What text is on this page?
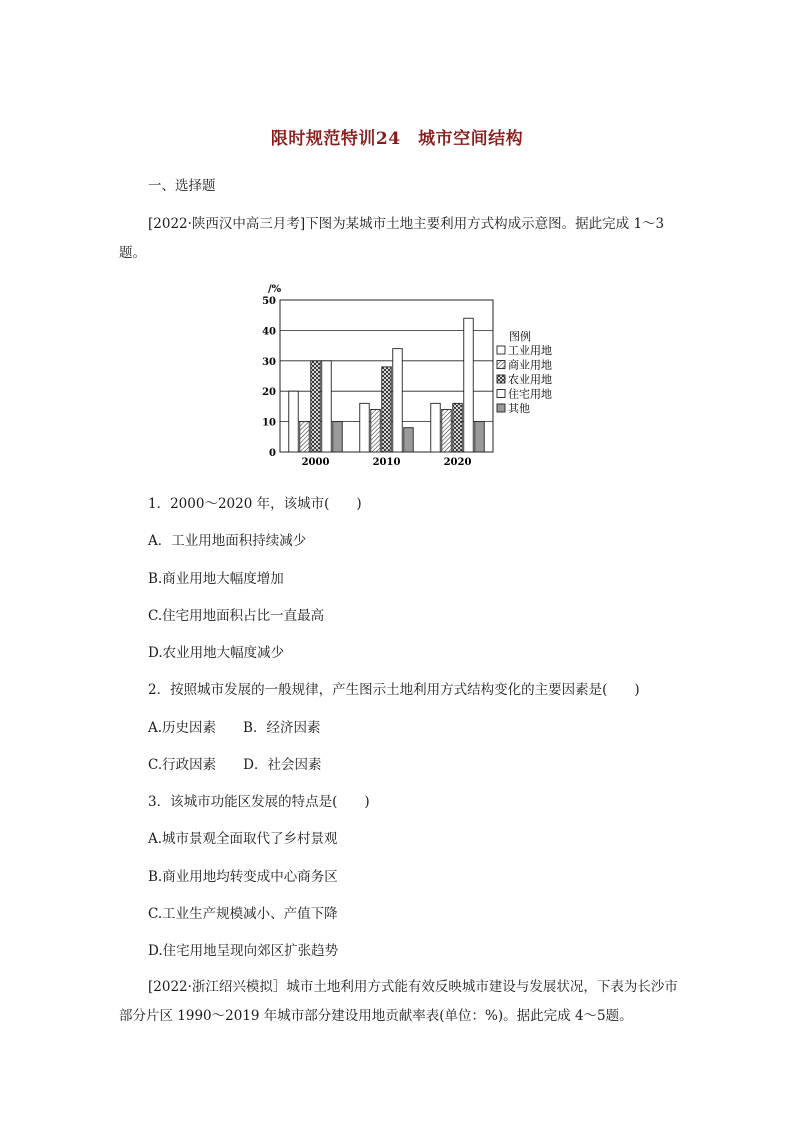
限时规范特训24　城市空间结构
一、选择题
[2022·陕西汉中高三月考]下图为某城市土地主要利用方式构成示意图。据此完成 1～3题。
0
10
20
30
40
50
/%
2000	2010	2020
图例
工业用地
商业用地
农业用地
住宅用地
其他
1．2000～2020 年，该城市(　　)
A．工业用地面积持续减少
B.商业用地大幅度增加
C.住宅用地面积占比一直最高
D.农业用地大幅度减少
2．按照城市发展的一般规律，产生图示土地利用方式结构变化的主要因素是(　　)
A.历史因素　　B．经济因素
C.行政因素　　D．社会因素
3．该城市功能区发展的特点是(　　)
A.城市景观全面取代了乡村景观
B.商业用地均转变成中心商务区
C.工业生产规模减小、产值下降
D.住宅用地呈现向郊区扩张趋势
[2022·浙江绍兴模拟］城市土地利用方式能有效反映城市建设与发展状况，下表为长沙市部分片区 1990～2019 年城市部分建设用地贡献率表(单位：%)。据此完成 4～5题。
